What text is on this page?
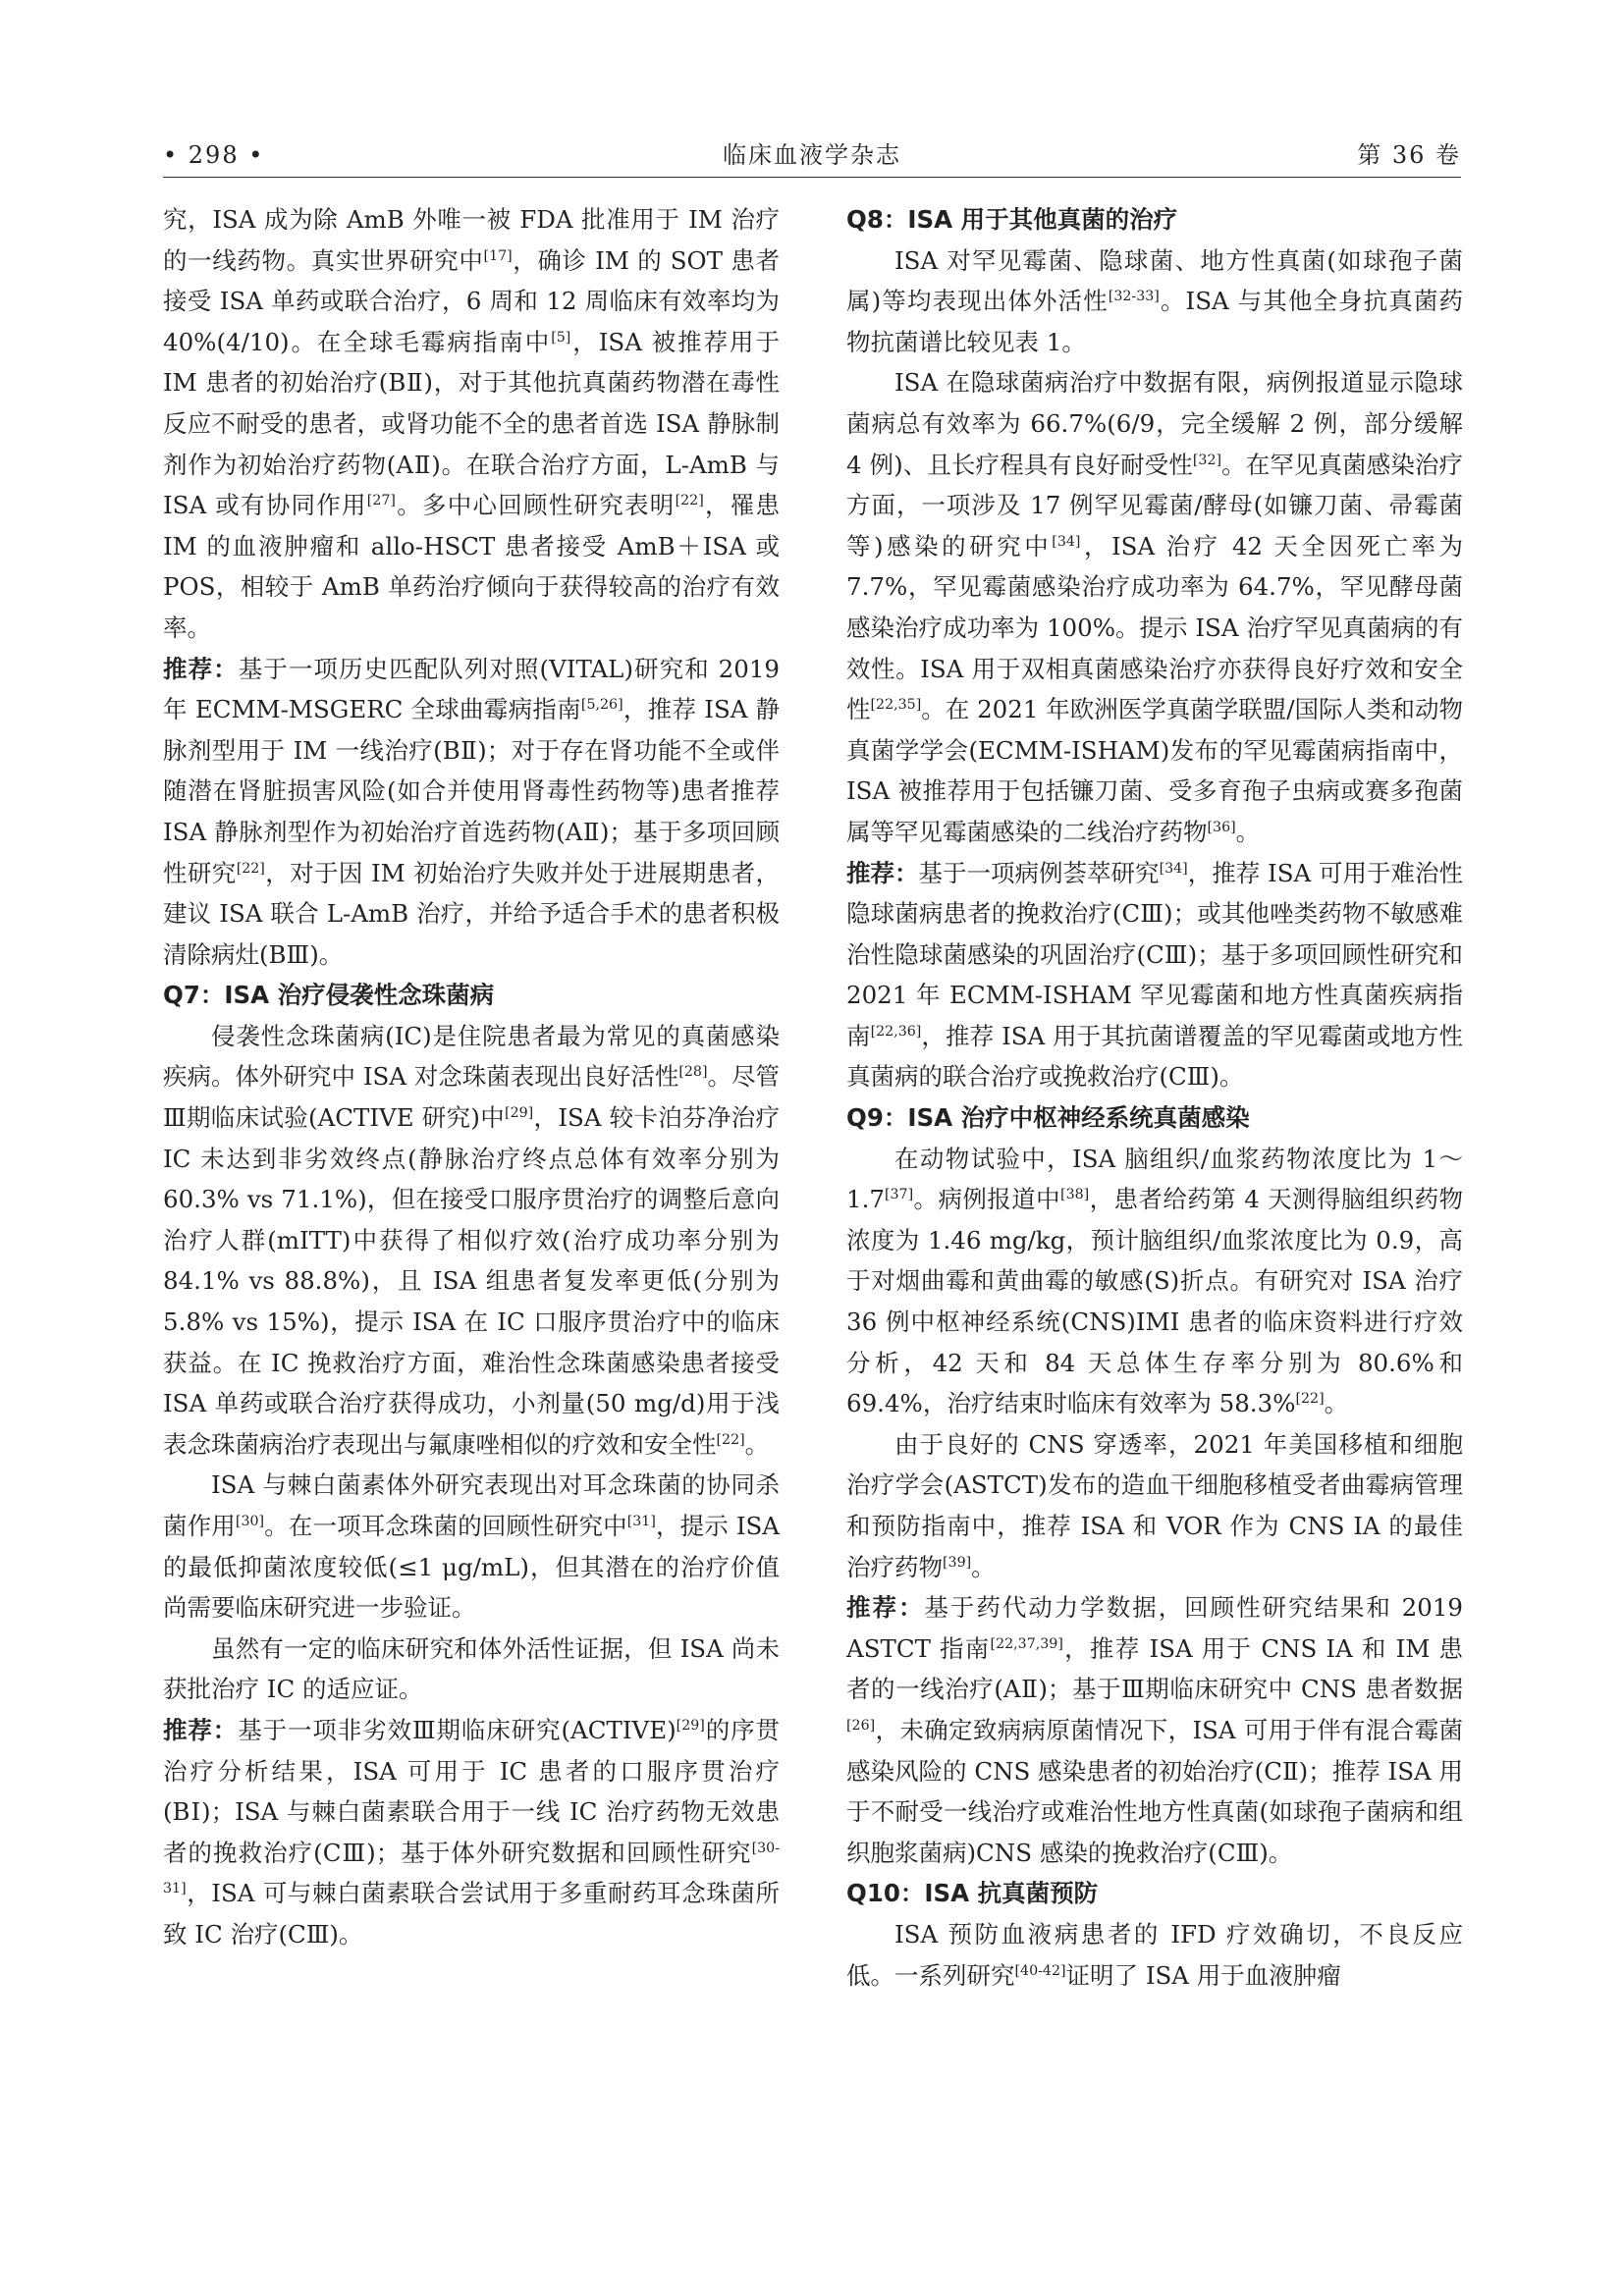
• 298 •	临床血液学杂志	第 36 卷

究，ISA 成为除 AmB 外唯一被 FDA 批准用于 IM 治疗的一线药物。真实世界研究中[17]，确诊 IM 的 SOT 患者接受 ISA 单药或联合治疗，6 周和 12 周临床有效率均为 40%(4/10)。在全球毛霉病指南中[5]，ISA 被推荐用于 IM 患者的初始治疗(BⅡ)，对于其他抗真菌药物潜在毒性反应不耐受的患者，或肾功能不全的患者首选 ISA 静脉制剂作为初始治疗药物(AⅡ)。在联合治疗方面，L-AmB 与 ISA 或有协同作用[27]。多中心回顾性研究表明[22]，罹患 IM 的血液肿瘤和 allo-HSCT 患者接受 AmB＋ISA 或 POS，相较于 AmB 单药治疗倾向于获得较高的治疗有效率。

推荐：基于一项历史匹配队列对照(VITAL)研究和 2019 年 ECMM-MSGERC 全球曲霉病指南[5,26]，推荐 ISA 静脉剂型用于 IM 一线治疗(BⅡ)；对于存在肾功能不全或伴随潜在肾脏损害风险(如合并使用肾毒性药物等)患者推荐 ISA 静脉剂型作为初始治疗首选药物(AⅡ)；基于多项回顾性研究[22]，对于因 IM 初始治疗失败并处于进展期患者，建议 ISA 联合 L-AmB 治疗，并给予适合手术的患者积极清除病灶(BⅢ)。

Q7：ISA 治疗侵袭性念珠菌病

侵袭性念珠菌病(IC)是住院患者最为常见的真菌感染疾病。体外研究中 ISA 对念珠菌表现出良好活性[28]。尽管Ⅲ期临床试验(ACTIVE 研究)中[29]，ISA 较卡泊芬净治疗 IC 未达到非劣效终点(静脉治疗终点总体有效率分别为 60.3% vs 71.1%)，但在接受口服序贯治疗的调整后意向治疗人群(mITT)中获得了相似疗效(治疗成功率分别为 84.1% vs 88.8%)，且 ISA 组患者复发率更低(分别为 5.8% vs 15%)，提示 ISA 在 IC 口服序贯治疗中的临床获益。在 IC 挽救治疗方面，难治性念珠菌感染患者接受 ISA 单药或联合治疗获得成功，小剂量(50 mg/d)用于浅表念珠菌病治疗表现出与氟康唑相似的疗效和安全性[22]。

ISA 与棘白菌素体外研究表现出对耳念珠菌的协同杀菌作用[30]。在一项耳念珠菌的回顾性研究中[31]，提示 ISA 的最低抑菌浓度较低(≤1 μg/mL)，但其潜在的治疗价值尚需要临床研究进一步验证。

虽然有一定的临床研究和体外活性证据，但 ISA 尚未获批治疗 IC 的适应证。

推荐：基于一项非劣效Ⅲ期临床研究(ACTIVE)[29]的序贯治疗分析结果，ISA 可用于 IC 患者的口服序贯治疗(BⅠ)；ISA 与棘白菌素联合用于一线 IC 治疗药物无效患者的挽救治疗(CⅢ)；基于体外研究数据和回顾性研究[30-31]，ISA 可与棘白菌素联合尝试用于多重耐药耳念珠菌所致 IC 治疗(CⅢ)。

Q8：ISA 用于其他真菌的治疗

ISA 对罕见霉菌、隐球菌、地方性真菌(如球孢子菌属)等均表现出体外活性[32-33]。ISA 与其他全身抗真菌药物抗菌谱比较见表 1。

ISA 在隐球菌病治疗中数据有限，病例报道显示隐球菌病总有效率为 66.7%(6/9，完全缓解 2 例，部分缓解 4 例)、且长疗程具有良好耐受性[32]。在罕见真菌感染治疗方面，一项涉及 17 例罕见霉菌/酵母(如镰刀菌、帚霉菌等)感染的研究中[34]，ISA 治疗 42 天全因死亡率为 7.7%，罕见霉菌感染治疗成功率为 64.7%，罕见酵母菌感染治疗成功率为 100%。提示 ISA 治疗罕见真菌病的有效性。ISA 用于双相真菌感染治疗亦获得良好疗效和安全性[22,35]。在 2021 年欧洲医学真菌学联盟/国际人类和动物真菌学学会(ECMM-ISHAM)发布的罕见霉菌病指南中，ISA 被推荐用于包括镰刀菌、受多育孢子虫病或赛多孢菌属等罕见霉菌感染的二线治疗药物[36]。

推荐：基于一项病例荟萃研究[34]，推荐 ISA 可用于难治性隐球菌病患者的挽救治疗(CⅢ)；或其他唑类药物不敏感难治性隐球菌感染的巩固治疗(CⅢ)；基于多项回顾性研究和 2021 年 ECMM-ISHAM 罕见霉菌和地方性真菌疾病指南[22,36]，推荐 ISA 用于其抗菌谱覆盖的罕见霉菌或地方性真菌病的联合治疗或挽救治疗(CⅢ)。

Q9：ISA 治疗中枢神经系统真菌感染

在动物试验中，ISA 脑组织/血浆药物浓度比为 1～1.7[37]。病例报道中[38]，患者给药第 4 天测得脑组织药物浓度为 1.46 mg/kg，预计脑组织/血浆浓度比为 0.9，高于对烟曲霉和黄曲霉的敏感(S)折点。有研究对 ISA 治疗 36 例中枢神经系统(CNS)IMI 患者的临床资料进行疗效分析，42 天和 84 天总体生存率分别为 80.6%和 69.4%，治疗结束时临床有效率为 58.3%[22]。

由于良好的 CNS 穿透率，2021 年美国移植和细胞治疗学会(ASTCT)发布的造血干细胞移植受者曲霉病管理和预防指南中，推荐 ISA 和 VOR 作为 CNS IA 的最佳治疗药物[39]。

推荐：基于药代动力学数据，回顾性研究结果和 2019 ASTCT 指南[22,37,39]，推荐 ISA 用于 CNS IA 和 IM 患者的一线治疗(AⅡ)；基于Ⅲ期临床研究中 CNS 患者数据[26]，未确定致病病原菌情况下，ISA 可用于伴有混合霉菌感染风险的 CNS 感染患者的初始治疗(CⅡ)；推荐 ISA 用于不耐受一线治疗或难治性地方性真菌(如球孢子菌病和组织胞浆菌病)CNS 感染的挽救治疗(CⅢ)。

Q10：ISA 抗真菌预防

ISA 预防血液病患者的 IFD 疗效确切，不良反应低。一系列研究[40-42]证明了 ISA 用于血液肿瘤
